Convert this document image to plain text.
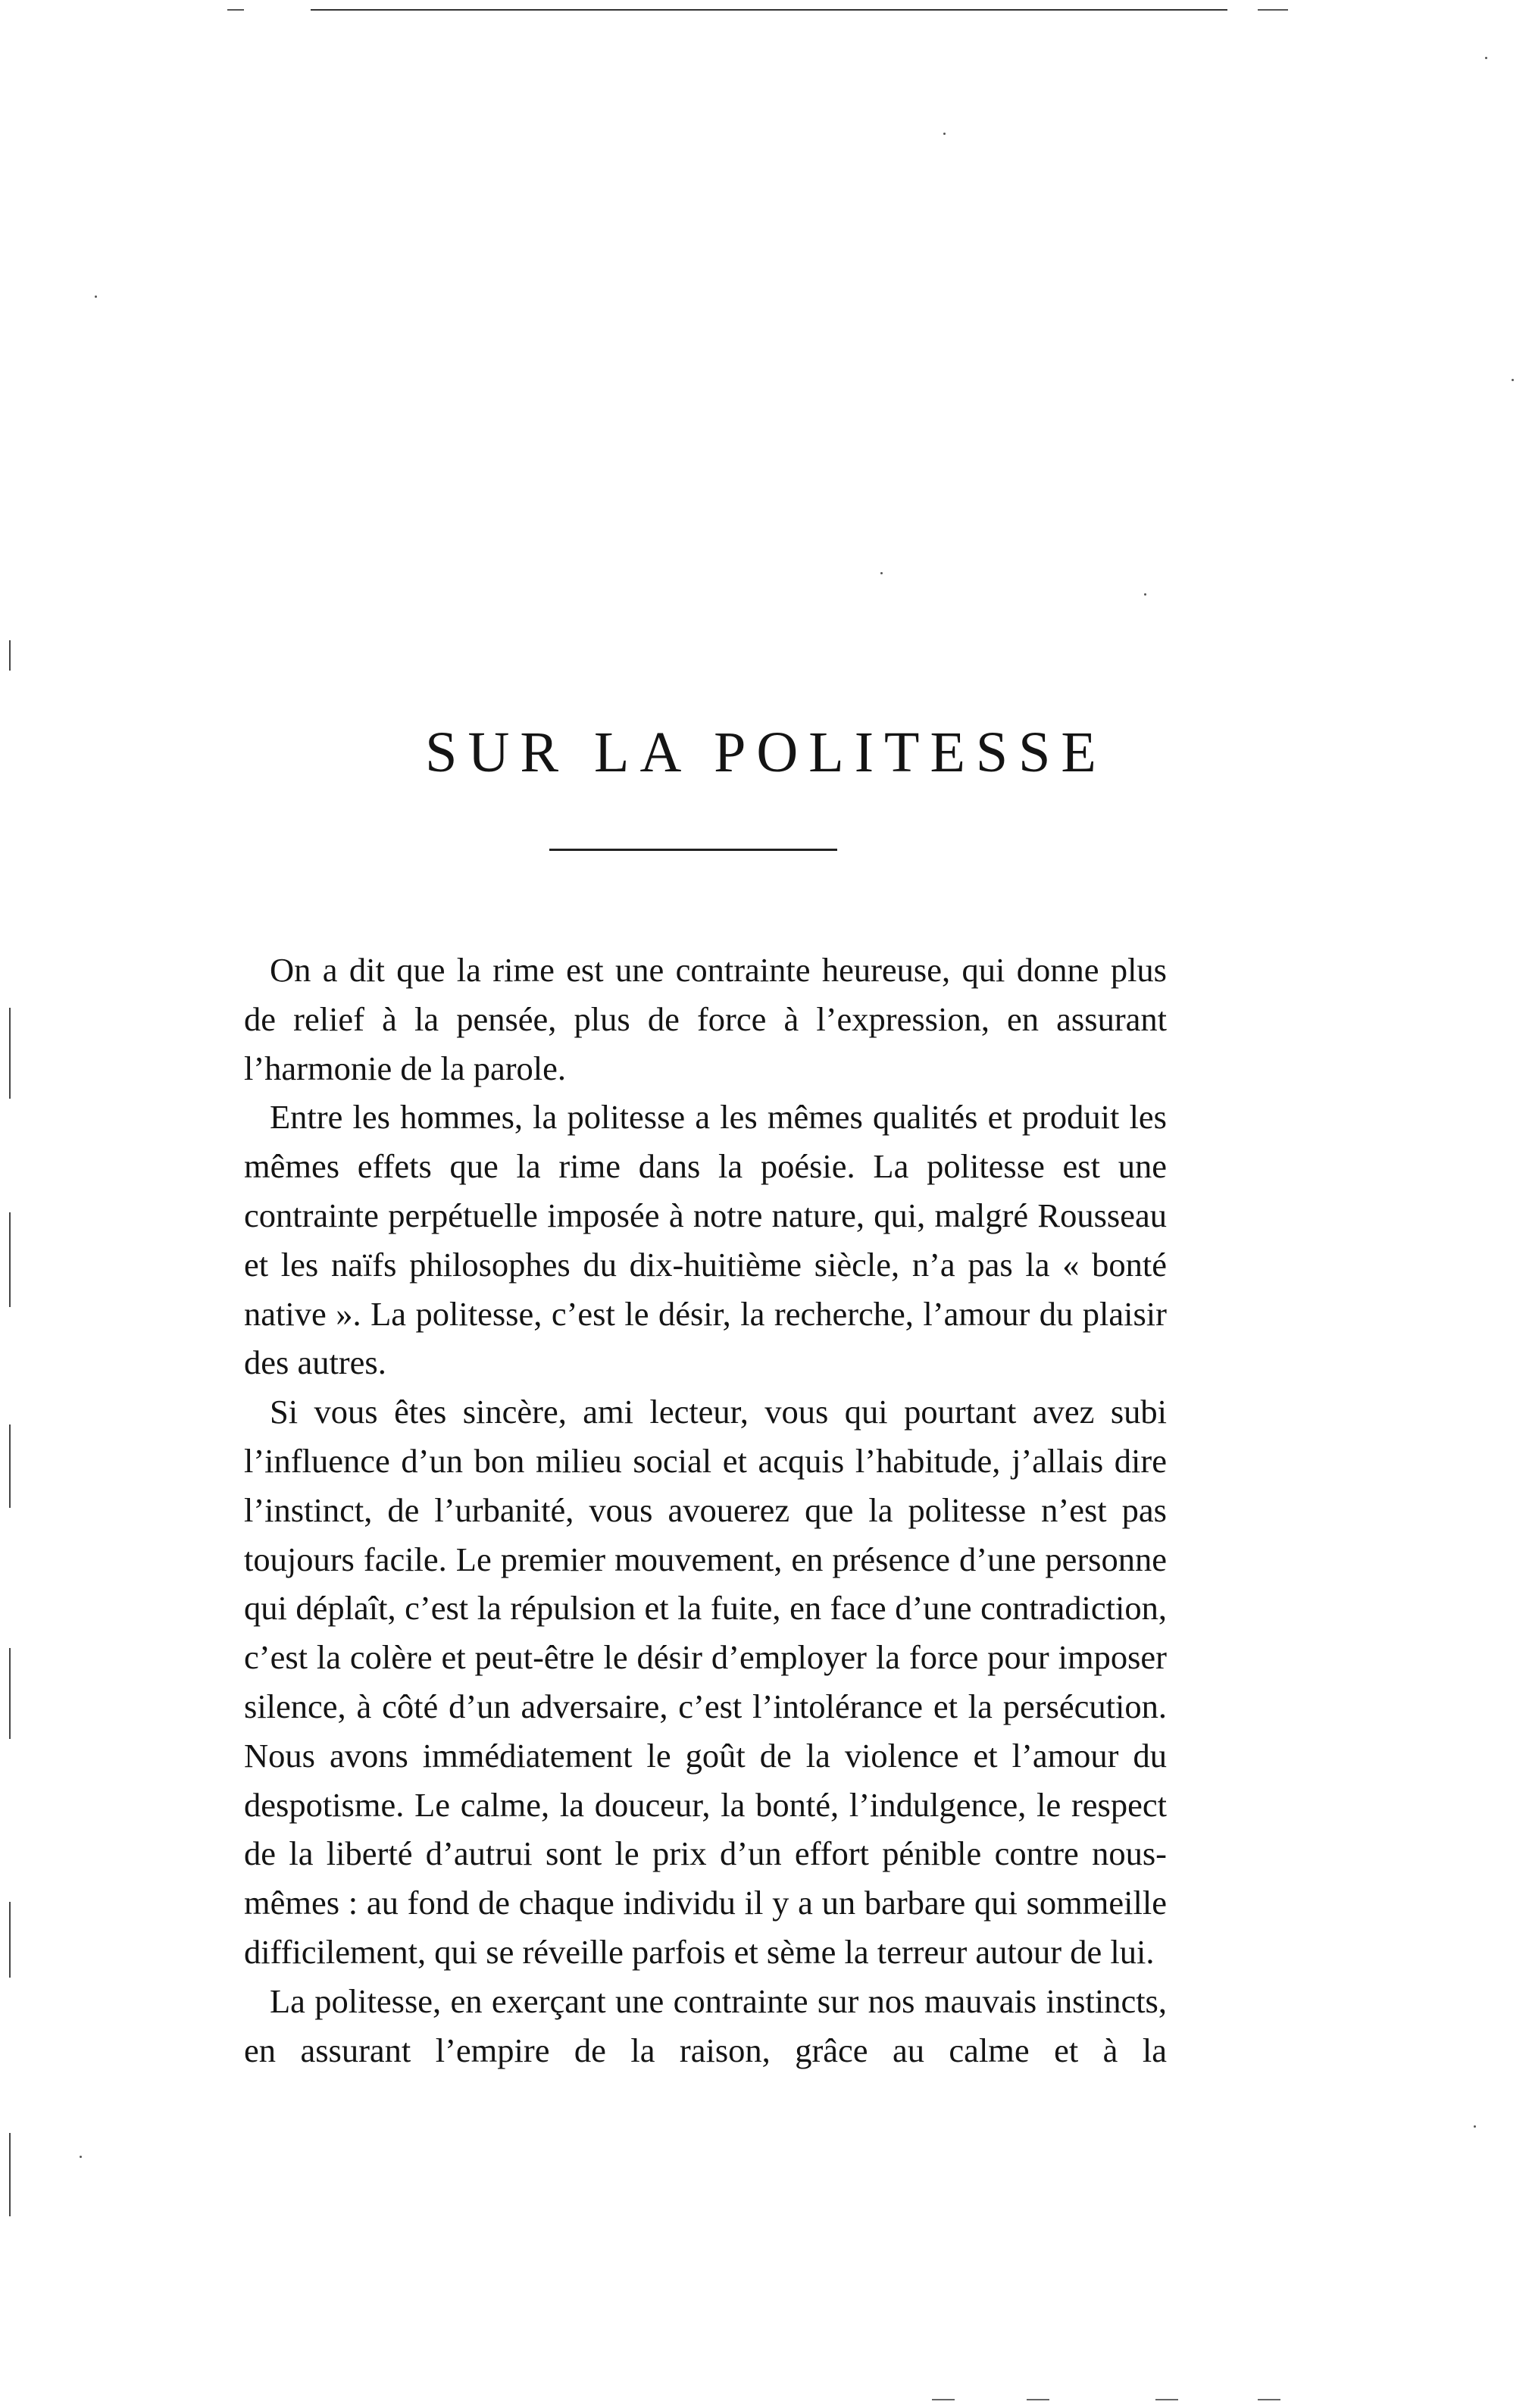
SUR LA POLITESSE

On a dit que la rime est une contrainte heureuse, qui donne plus de relief à la pensée, plus de force à l’expression, en assurant l’harmonie de la parole.

Entre les hommes, la politesse a les mêmes qualités et produit les mêmes effets que la rime dans la poésie. La politesse est une contrainte perpétuelle imposée à notre nature, qui, malgré Rousseau et les naïfs philosophes du dix-huitième siècle, n’a pas la « bonté native ». La politesse, c’est le désir, la recherche, l’amour du plaisir des autres.

Si vous êtes sincère, ami lecteur, vous qui pourtant avez subi l’influence d’un bon milieu social et acquis l’habitude, j’allais dire l’instinct, de l’urbanité, vous avouerez que la politesse n’est pas toujours facile. Le premier mouvement, en présence d’une personne qui déplaît, c’est la répulsion et la fuite, en face d’une contradiction, c’est la colère et peut-être le désir d’employer la force pour imposer silence, à côté d’un adversaire, c’est l’intolérance et la persécution. Nous avons immédiatement le goût de la violence et l’amour du despotisme. Le calme, la douceur, la bonté, l’indulgence, le respect de la liberté d’autrui sont le prix d’un effort pénible contre nous-mêmes : au fond de chaque individu il y a un barbare qui sommeille difficilement, qui se réveille parfois et sème la terreur autour de lui.

La politesse, en exerçant une contrainte sur nos mauvais instincts, en assurant l’empire de la raison, grâce au calme et à la
